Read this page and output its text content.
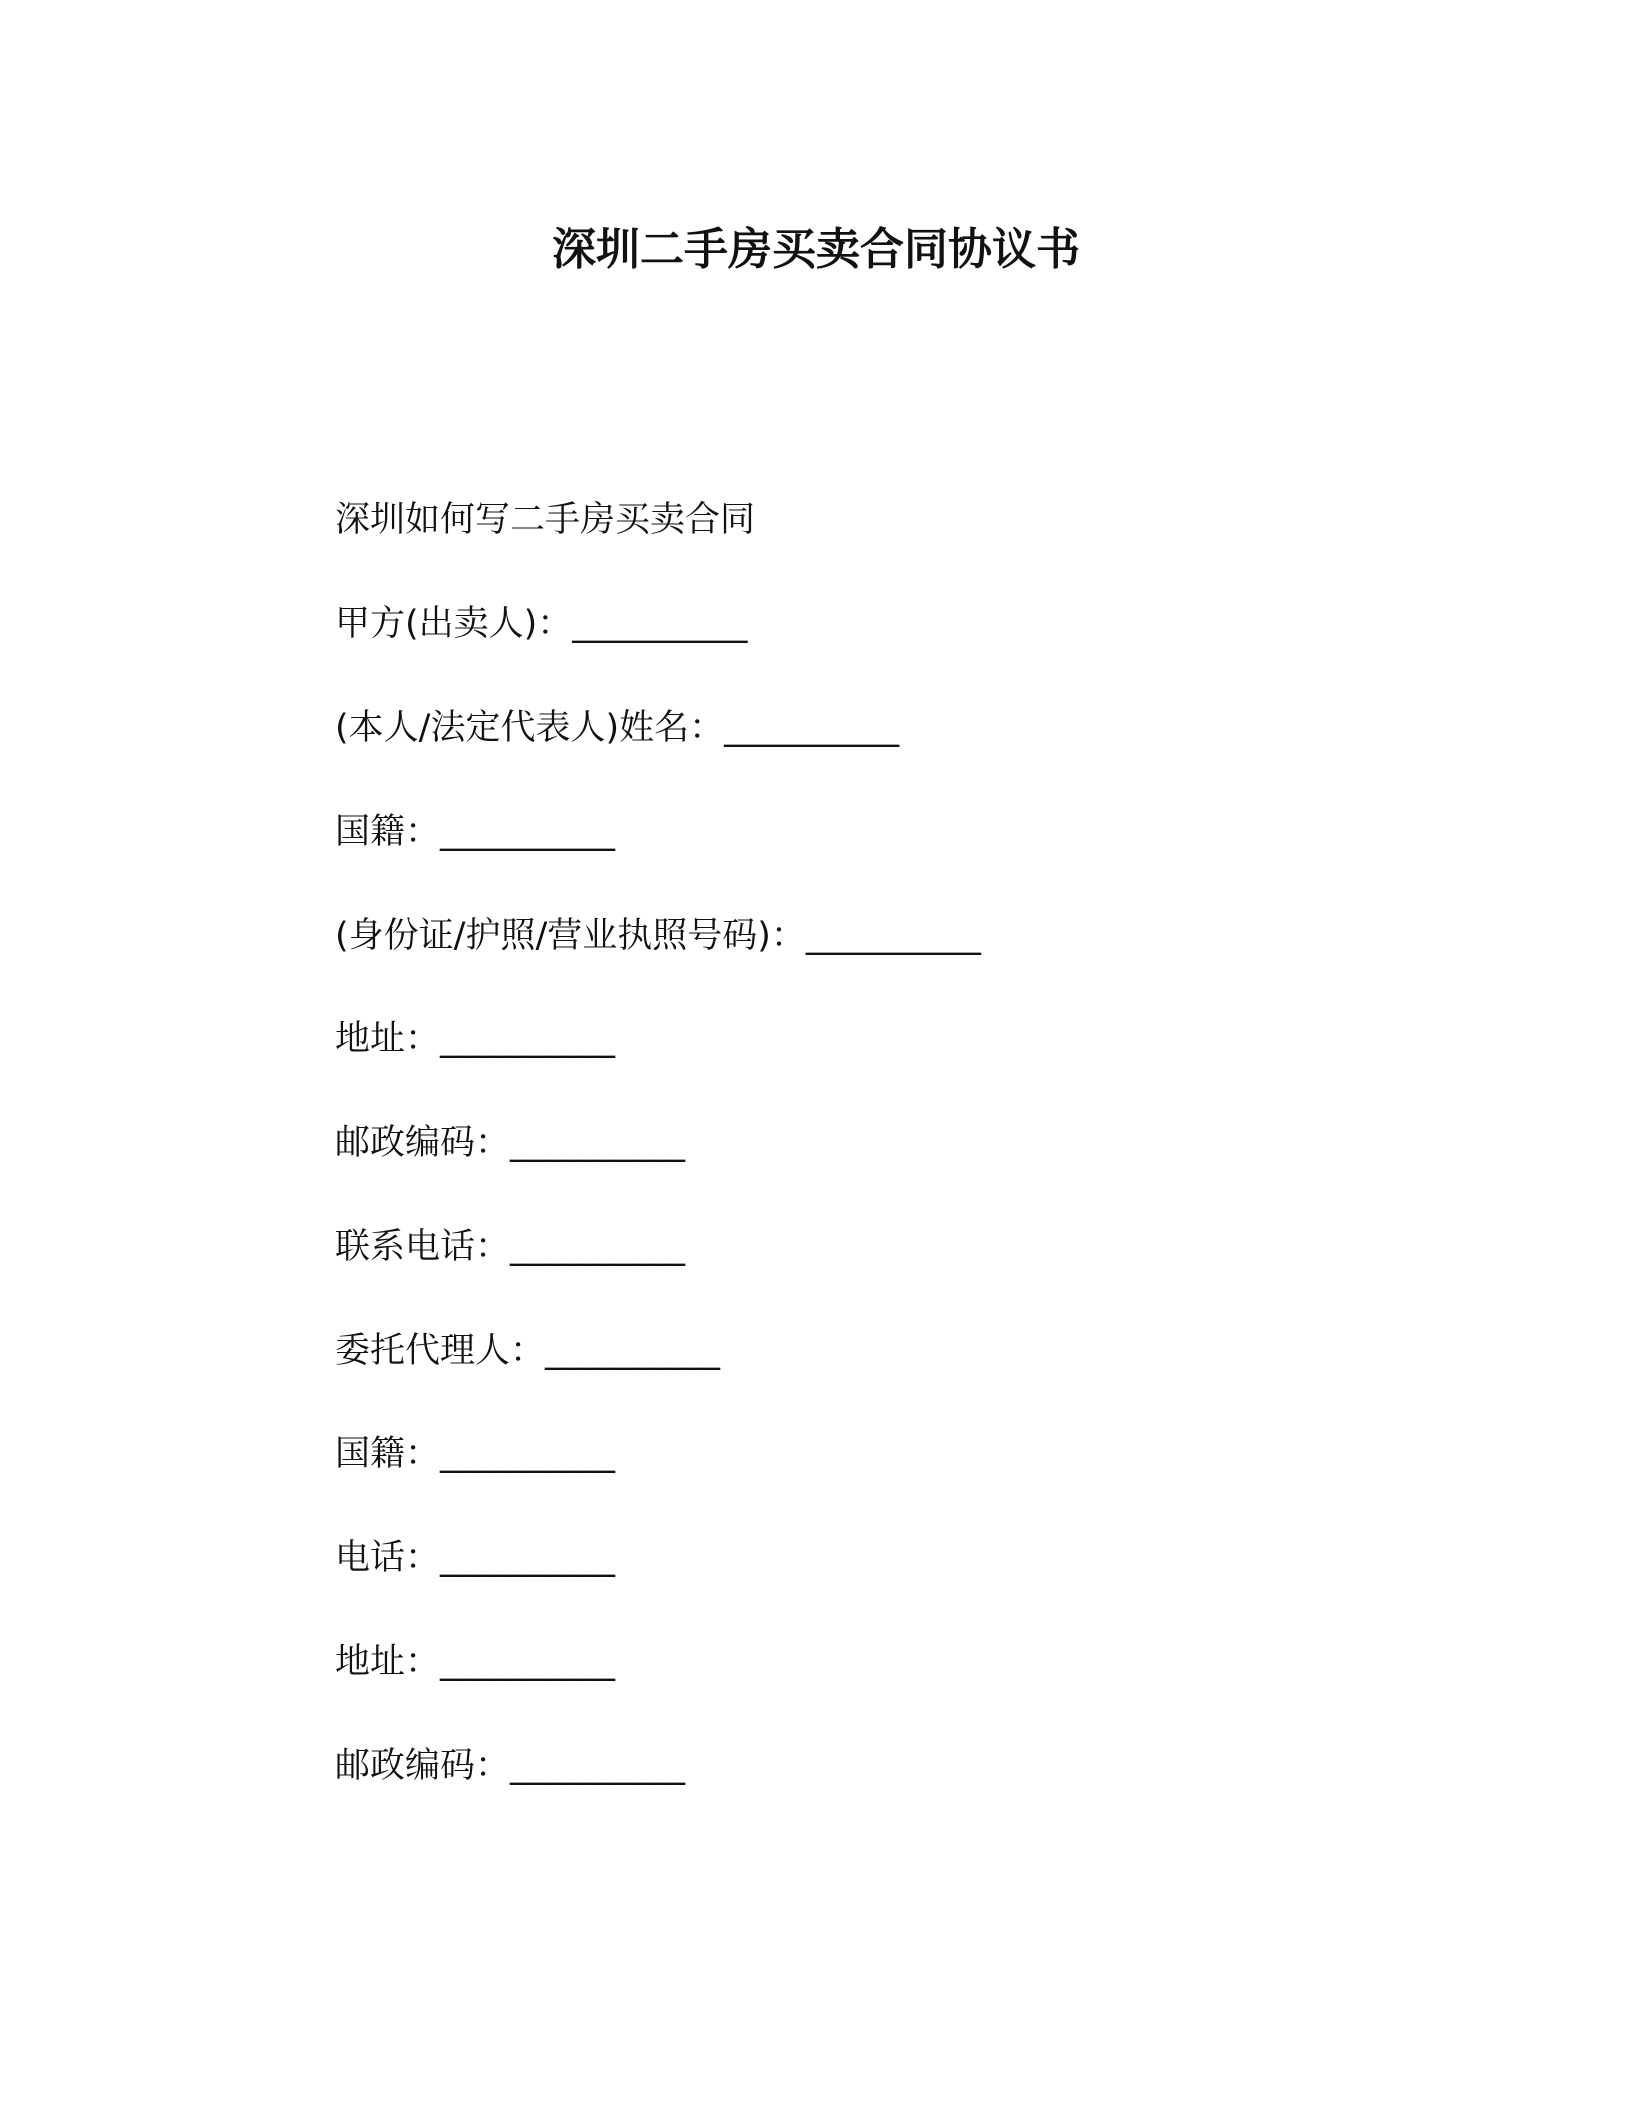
深圳二手房买卖合同协议书
深圳如何写二手房买卖合同
甲方(出卖人)：__________
(本人/法定代表人)姓名：__________
国籍：__________
(身份证/护照/营业执照号码)：__________
地址：__________
邮政编码：__________
联系电话：__________
委托代理人：__________
国籍：__________
电话：__________
地址：__________
邮政编码：__________
